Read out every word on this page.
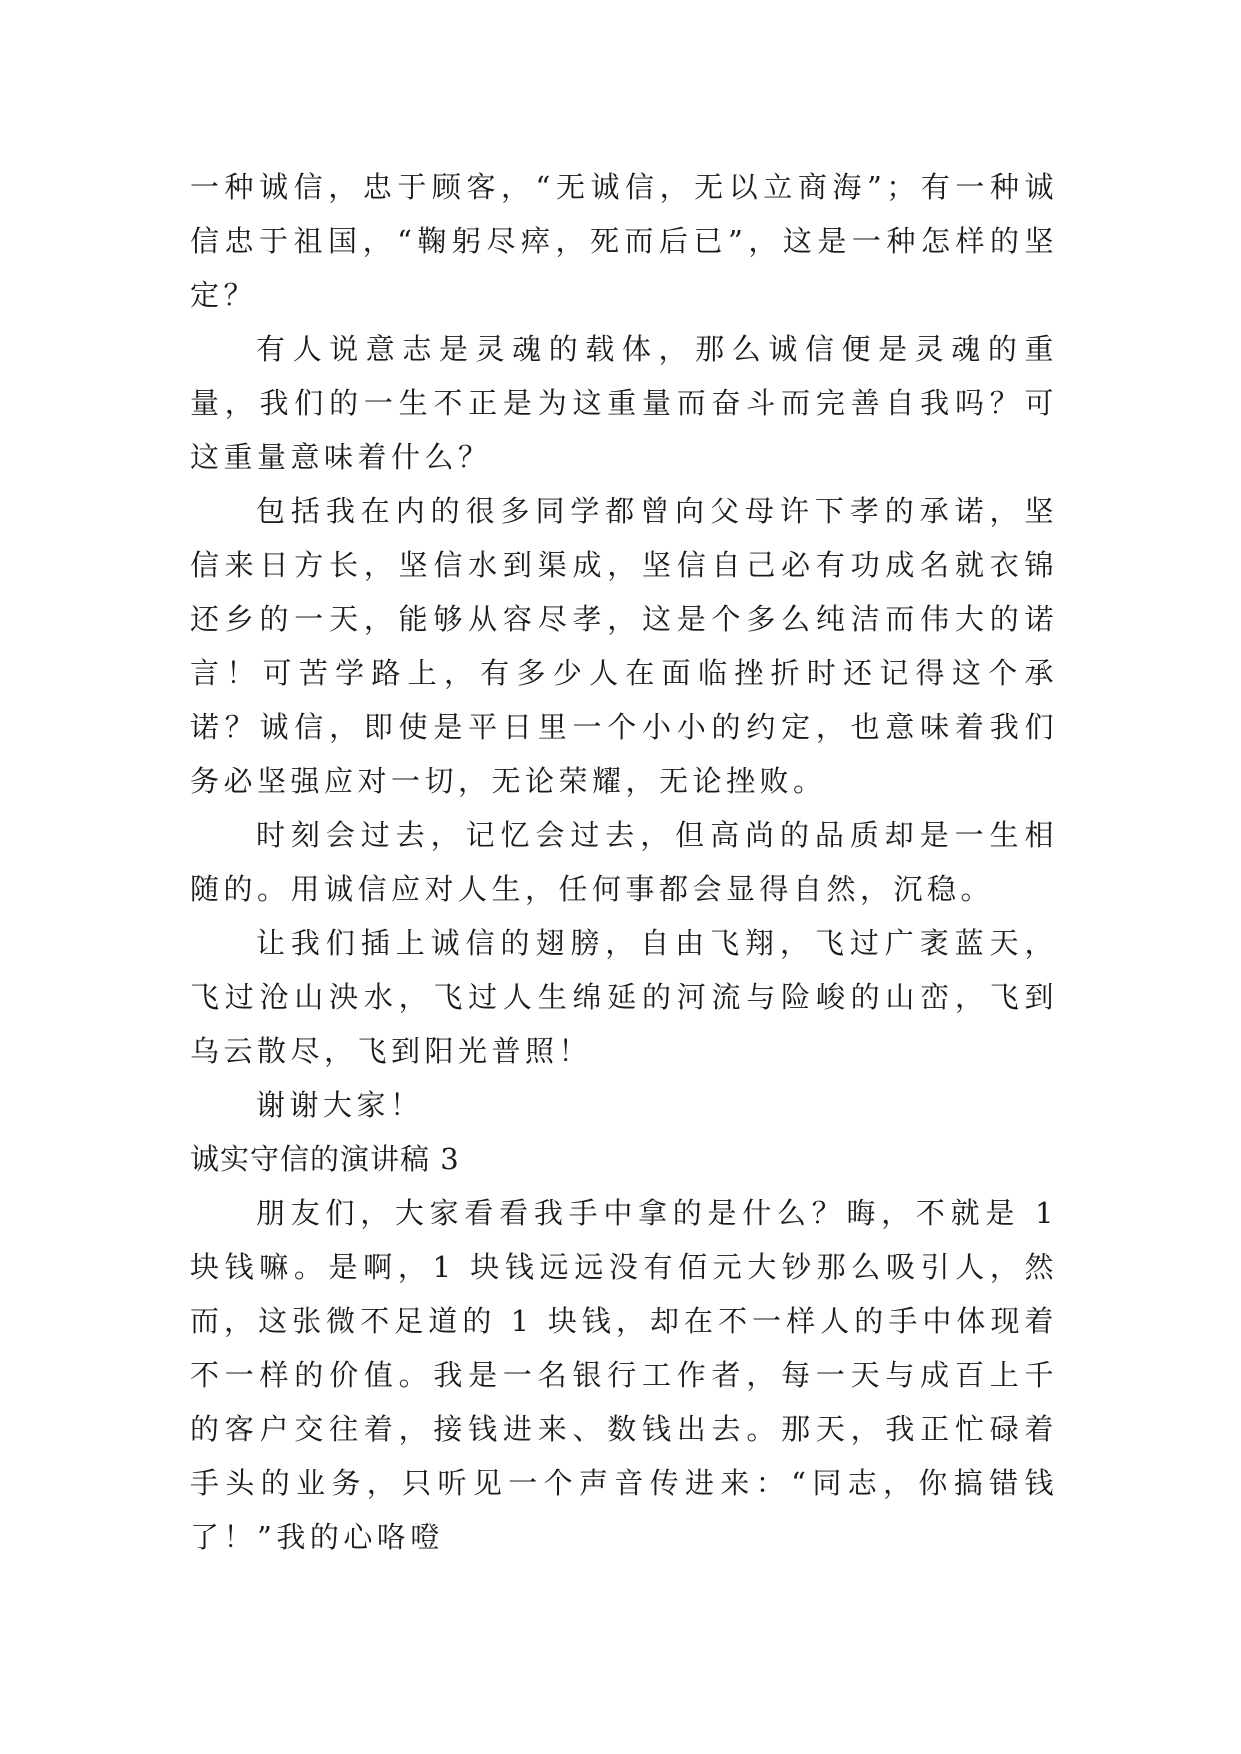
一种诚信，忠于顾客，“无诚信，无以立商海”；有一种诚信忠于祖国，“鞠躬尽瘁，死而后已”，这是一种怎样的坚定？

有人说意志是灵魂的载体，那么诚信便是灵魂的重量，我们的一生不正是为这重量而奋斗而完善自我吗？可这重量意味着什么？

包括我在内的很多同学都曾向父母许下孝的承诺，坚信来日方长，坚信水到渠成，坚信自己必有功成名就衣锦还乡的一天，能够从容尽孝，这是个多么纯洁而伟大的诺言！可苦学路上，有多少人在面临挫折时还记得这个承诺？诚信，即使是平日里一个小小的约定，也意味着我们务必坚强应对一切，无论荣耀，无论挫败。

时刻会过去，记忆会过去，但高尚的品质却是一生相随的。用诚信应对人生，任何事都会显得自然，沉稳。

让我们插上诚信的翅膀，自由飞翔，飞过广袤蓝天，飞过沧山泱水，飞过人生绵延的河流与险峻的山峦，飞到乌云散尽，飞到阳光普照！

谢谢大家！

诚实守信的演讲稿 3

朋友们，大家看看我手中拿的是什么？晦，不就是 1 块钱嘛。是啊，1 块钱远远没有佰元大钞那么吸引人，然而，这张微不足道的 1 块钱，却在不一样人的手中体现着不一样的价值。我是一名银行工作者，每一天与成百上千的客户交往着，接钱进来、数钱出去。那天，我正忙碌着手头的业务，只听见一个声音传进来：“同志，你搞错钱了！”我的心咯噔
